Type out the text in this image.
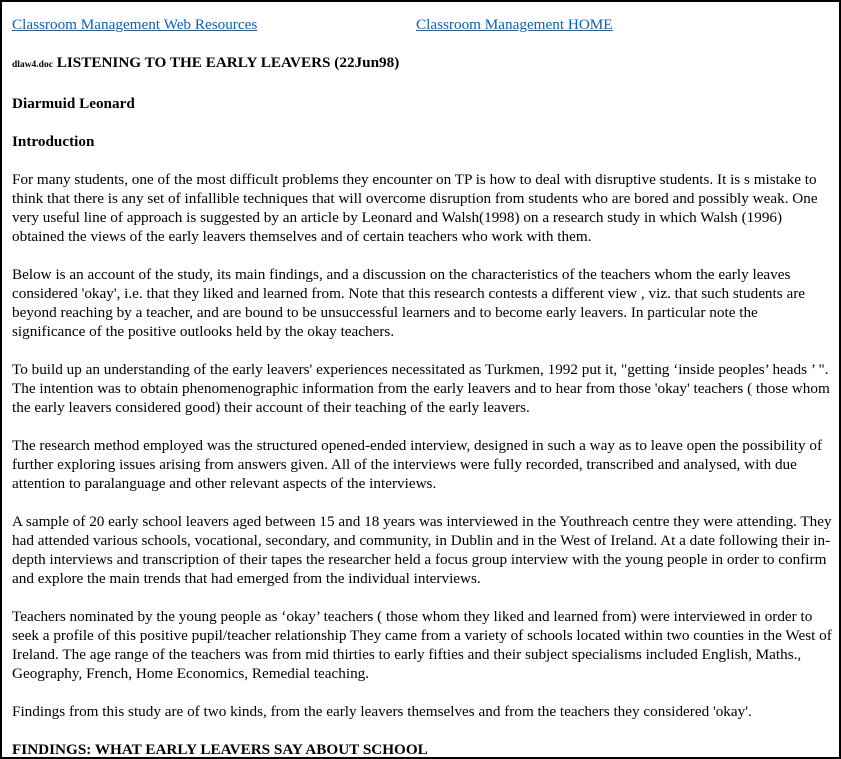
Classroom Management Web Resources	Classroom Management HOME
dlaw4.doc LISTENING TO THE EARLY LEAVERS (22Jun98)
Diarmuid Leonard
Introduction

For many students, one of the most difficult problems they encounter on TP is how to deal with disruptive students. It is s mistake to think that there is any set of infallible techniques that will overcome disruption from students who are bored and possibly weak. One very useful line of approach is suggested by an article by Leonard and Walsh(1998) on a research study in which Walsh (1996) obtained the views of the early leavers themselves and of certain teachers who work with them.

Below is an account of the study, its main findings, and a discussion on the characteristics of the teachers whom the early leaves considered 'okay', i.e. that they liked and learned from. Note that this research contests a different view , viz. that such students are beyond reaching by a teacher, and are bound to be unsuccessful learners and to become early leavers. In particular note the significance of the positive outlooks held by the okay teachers.

To build up an understanding of the early leavers' experiences necessitated as Turkmen, 1992 put it, "getting ‘inside peoples’ heads ’ ". The intention was to obtain phenomenographic information from the early leavers and to hear from those 'okay' teachers ( those whom the early leavers considered good) their account of their teaching of the early leavers.

The research method employed was the structured opened-ended interview, designed in such a way as to leave open the possibility of further exploring issues arising from answers given. All of the interviews were fully recorded, transcribed and analysed, with due attention to paralanguage and other relevant aspects of the interviews.

A sample of 20 early school leavers aged between 15 and 18 years was interviewed in the Youthreach centre they were attending. They had attended various schools, vocational, secondary, and community, in Dublin and in the West of Ireland. At a date following their in-depth interviews and transcription of their tapes the researcher held a focus group interview with the young people in order to confirm and explore the main trends that had emerged from the individual interviews.

Teachers nominated by the young people as ‘okay’ teachers ( those whom they liked and learned from) were interviewed in order to seek a profile of this positive pupil/teacher relationship They came from a variety of schools located within two counties in the West of Ireland. The age range of the teachers was from mid thirties to early fifties and their subject specialisms included English, Maths., Geography, French, Home Economics, Remedial teaching.

Findings from this study are of two kinds, from the early leavers themselves and from the teachers they considered 'okay'.

FINDINGS: WHAT EARLY LEAVERS SAY ABOUT SCHOOL
